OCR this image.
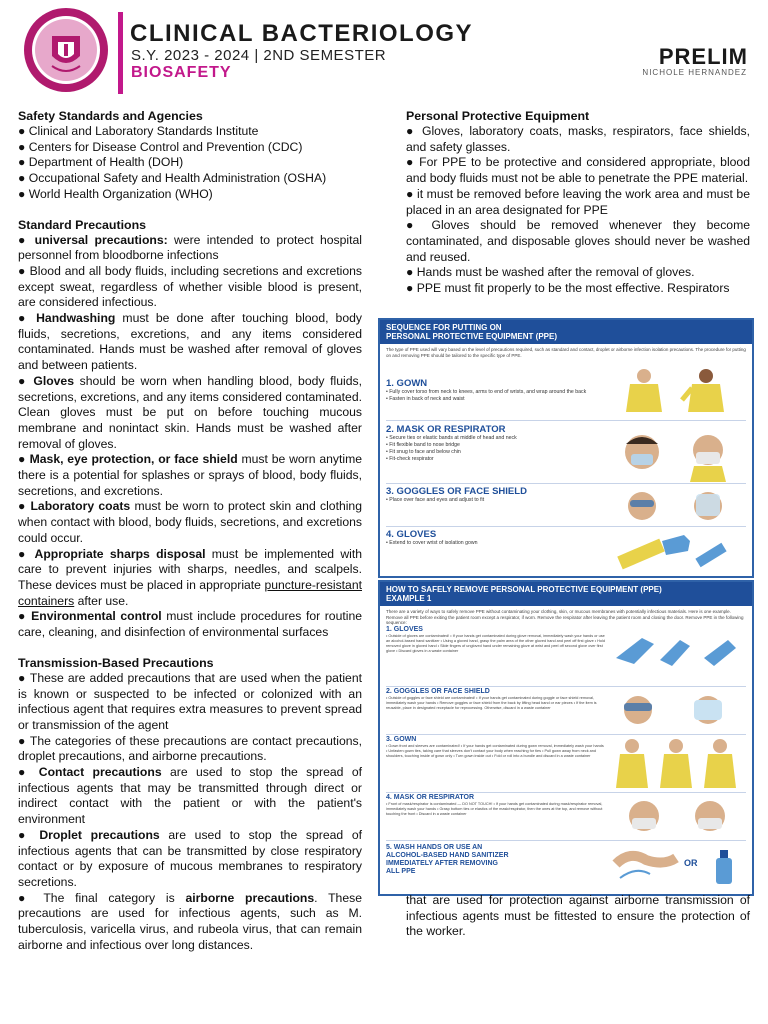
CLINICAL BACTERIOLOGY
S.Y. 2023 - 2024 | 2ND SEMESTER
BIOSAFETY
PRELIM
NICHOLE HERNANDEZ
Safety Standards and Agencies

● Clinical and Laboratory Standards Institute

● Centers for Disease Control and Prevention (CDC)

● Department of Health (DOH)

● Occupational Safety and Health Administration (OSHA)

● World Health Organization (WHO)

Standard Precautions

● universal precautions: were intended to protect hospital personnel from bloodborne infections

● Blood and all body fluids, including secretions and excretions except sweat, regardless of whether visible blood is present, are considered infectious.

● Handwashing must be done after touching blood, body fluids, secretions, excretions, and any items considered contaminated. Hands must be washed after removal of gloves and between patients.

● Gloves should be worn when handling blood, body fluids, secretions, excretions, and any items considered contaminated. Clean gloves must be put on before touching mucous membrane and nonintact skin. Hands must be washed after removal of gloves.

● Mask, eye protection, or face shield must be worn anytime there is a potential for splashes or sprays of blood, body fluids, secretions, and excretions.

● Laboratory coats must be worn to protect skin and clothing when contact with blood, body fluids, secretions, and excretions could occur.

● Appropriate sharps disposal must be implemented with care to prevent injuries with sharps, needles, and scalpels. These devices must be placed in appropriate puncture-resistant containers after use.

● Environmental control must include procedures for routine care, cleaning, and disinfection of environmental surfaces

Transmission-Based Precautions

● These are added precautions that are used when the patient is known or suspected to be infected or colonized with an infectious agent that requires extra measures to prevent spread or transmission of the agent

● The categories of these precautions are contact precautions, droplet precautions, and airborne precautions.

● Contact precautions are used to stop the spread of infectious agents that may be transmitted through direct or indirect contact with the patient or with the patient's environment

● Droplet precautions are used to stop the spread of infectious agents that can be transmitted by close respiratory contact or by exposure of mucous membranes to respiratory secretions.

● The final category is airborne precautions. These precautions are used for infectious agents, such as M. tuberculosis, varicella virus, and rubeola virus, that can remain airborne and infectious over long distances.

Personal Protective Equipment

● Gloves, laboratory coats, masks, respirators, face shields, and safety glasses.

● For PPE to be protective and considered appropriate, blood and body fluids must not be able to penetrate the PPE material.

● it must be removed before leaving the work area and must be placed in an area designated for PPE

● Gloves should be removed whenever they become contaminated, and disposable gloves should never be washed and reused.

● Hands must be washed after the removal of gloves.

● PPE must fit properly to be the most effective. Respirators

SEQUENCE FOR PUTTING ON
PERSONAL PROTECTIVE EQUIPMENT (PPE)
The type of PPE used will vary based on the level of precautions required, such as standard and contact, droplet or airborne infection isolation precautions. The procedure for putting on and removing PPE should be tailored to the specific type of PPE.
1. GOWN
• Fully cover torso from neck to knees, arms to end of wrists, and wrap around the back
• Fasten in back of neck and waist
2. MASK OR RESPIRATOR
• Secure ties or elastic bands at middle of head and neck
• Fit flexible band to nose bridge
• Fit snug to face and below chin
• Fit-check respirator
3. GOGGLES OR FACE SHIELD
• Place over face and eyes and adjust to fit
4. GLOVES
• Extend to cover wrist of isolation gown
HOW TO SAFELY REMOVE PERSONAL PROTECTIVE EQUIPMENT (PPE)
EXAMPLE 1
There are a variety of ways to safely remove PPE without contaminating your clothing, skin, or mucous membranes with potentially infectious materials. Here is one example. Remove all PPE before exiting the patient room except a respirator, if worn. Remove the respirator after leaving the patient room and closing the door. Remove PPE in the following sequence:
1. GLOVES
• Outside of gloves are contaminated! • If your hands get contaminated during glove removal, immediately wash your hands or use an alcohol-based hand sanitizer • Using a gloved hand, grasp the palm area of the other gloved hand and peel off first glove • Hold removed glove in gloved hand • Slide fingers of ungloved hand under remaining glove at wrist and peel off second glove over first glove • Discard gloves in a waste container
2. GOGGLES OR FACE SHIELD
• Outside of goggles or face shield are contaminated! • If your hands get contaminated during goggle or face shield removal, immediately wash your hands • Remove goggles or face shield from the back by lifting head band or ear pieces • If the item is reusable, place in designated receptacle for reprocessing. Otherwise, discard in a waste container
3. GOWN
• Gown front and sleeves are contaminated! • If your hands get contaminated during gown removal, immediately wash your hands • Unfasten gown ties, taking care that sleeves don't contact your body when reaching for ties • Pull gown away from neck and shoulders, touching inside of gown only • Turn gown inside out • Fold or roll into a bundle and discard in a waste container
4. MASK OR RESPIRATOR
• Front of mask/respirator is contaminated — DO NOT TOUCH! • If your hands get contaminated during mask/respirator removal, immediately wash your hands • Grasp bottom ties or elastics of the mask/respirator, then the ones at the top, and remove without touching the front • Discard in a waste container
5. WASH HANDS OR USE AN
ALCOHOL-BASED HAND SANITIZER
IMMEDIATELY AFTER REMOVING
ALL PPE
OR
that are used for protection against airborne transmission of infectious agents must be fittested to ensure the protection of the worker.
